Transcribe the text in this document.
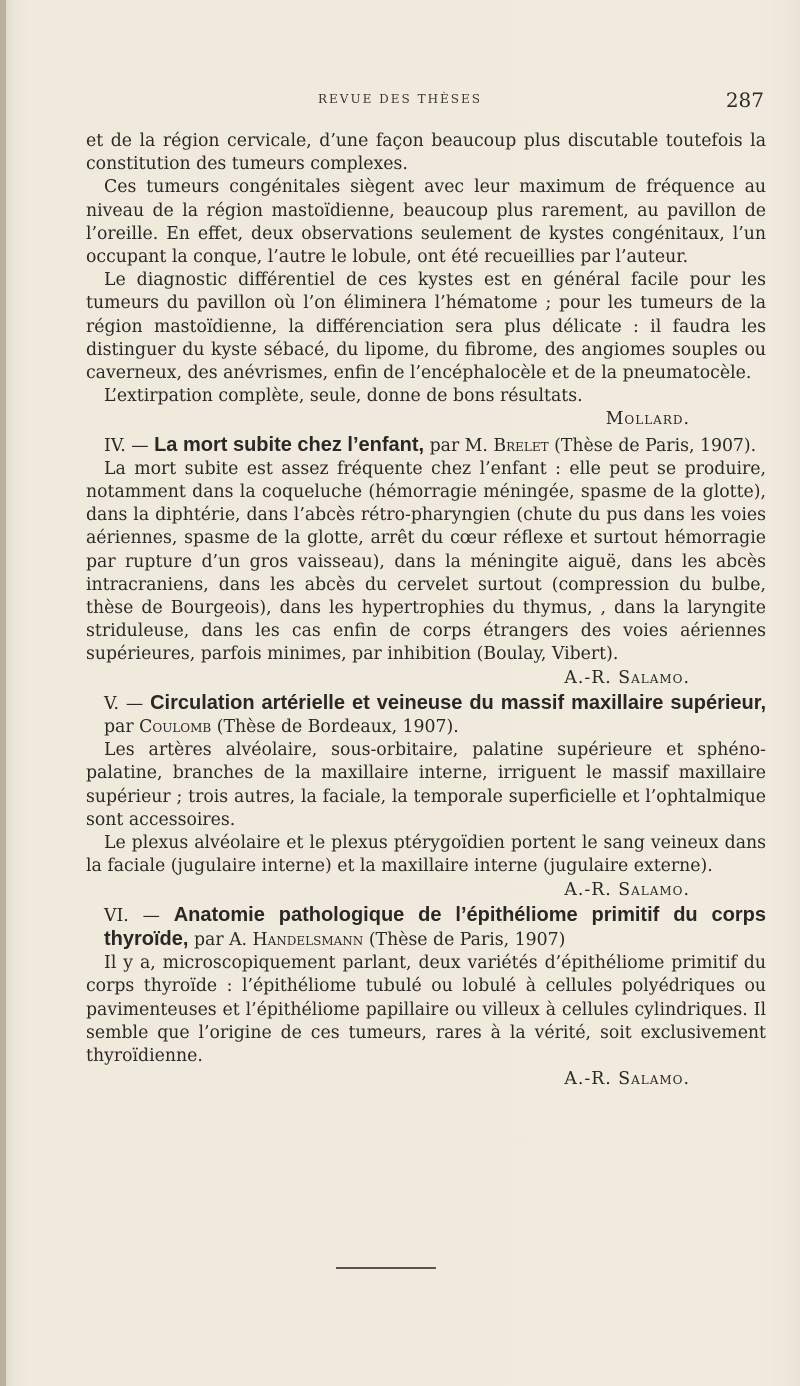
REVUE DES THÈSES	287

et de la région cervicale, d’une façon beaucoup plus discutable toutefois la constitution des tumeurs complexes.

Ces tumeurs congénitales siègent avec leur maximum de fréquence au niveau de la région mastoïdienne, beaucoup plus rarement, au pavillon de l’oreille. En effet, deux observations seulement de kystes congénitaux, l’un occupant la conque, l’autre le lobule, ont été recueillies par l’auteur.

Le diagnostic différentiel de ces kystes est en général facile pour les tumeurs du pavillon où l’on éliminera l’hématome ; pour les tumeurs de la région mastoïdienne, la différenciation sera plus délicate : il faudra les distinguer du kyste sébacé, du lipome, du fibrome, des angiomes souples ou caverneux, des anévrismes, enfin de l’encéphalocèle et de la pneumatocèle.

L’extirpation complète, seule, donne de bons résultats.

Mollard.

IV. — La mort subite chez l’enfant, par M. Brelet (Thèse de Paris, 1907).

La mort subite est assez fréquente chez l’enfant : elle peut se produire, notamment dans la coqueluche (hémorragie méningée, spasme de la glotte), dans la diphtérie, dans l’abcès rétro-pharyngien (chute du pus dans les voies aériennes, spasme de la glotte, arrêt du cœur réflexe et surtout hémorragie par rupture d’un gros vaisseau), dans la méningite aiguë, dans les abcès intracraniens, dans les abcès du cervelet surtout (compression du bulbe, thèse de Bourgeois), dans les hypertrophies du thymus, , dans la laryngite striduleuse, dans les cas enfin de corps étrangers des voies aériennes supérieures, parfois minimes, par inhibition (Boulay, Vibert).

A.-R. Salamo.

V. — Circulation artérielle et veineuse du massif maxillaire supérieur, par Coulomb (Thèse de Bordeaux, 1907).

Les artères alvéolaire, sous-orbitaire, palatine supérieure et sphéno-palatine, branches de la maxillaire interne, irriguent le massif maxillaire supérieur ; trois autres, la faciale, la temporale superficielle et l’ophtalmique sont accessoires.

Le plexus alvéolaire et le plexus ptérygoïdien portent le sang veineux dans la faciale (jugulaire interne) et la maxillaire interne (jugulaire externe).

A.-R. Salamo.

VI. — Anatomie pathologique de l’épithéliome primitif du corps thyroïde, par A. Handelsmann (Thèse de Paris, 1907)

Il y a, microscopiquement parlant, deux variétés d’épithéliome primitif du corps thyroïde : l’épithéliome tubulé ou lobulé à cellules polyédriques ou pavimenteuses et l’épithéliome papillaire ou villeux à cellules cylindriques. Il semble que l’origine de ces tumeurs, rares à la vérité, soit exclusivement thyroïdienne.

A.-R. Salamo.
